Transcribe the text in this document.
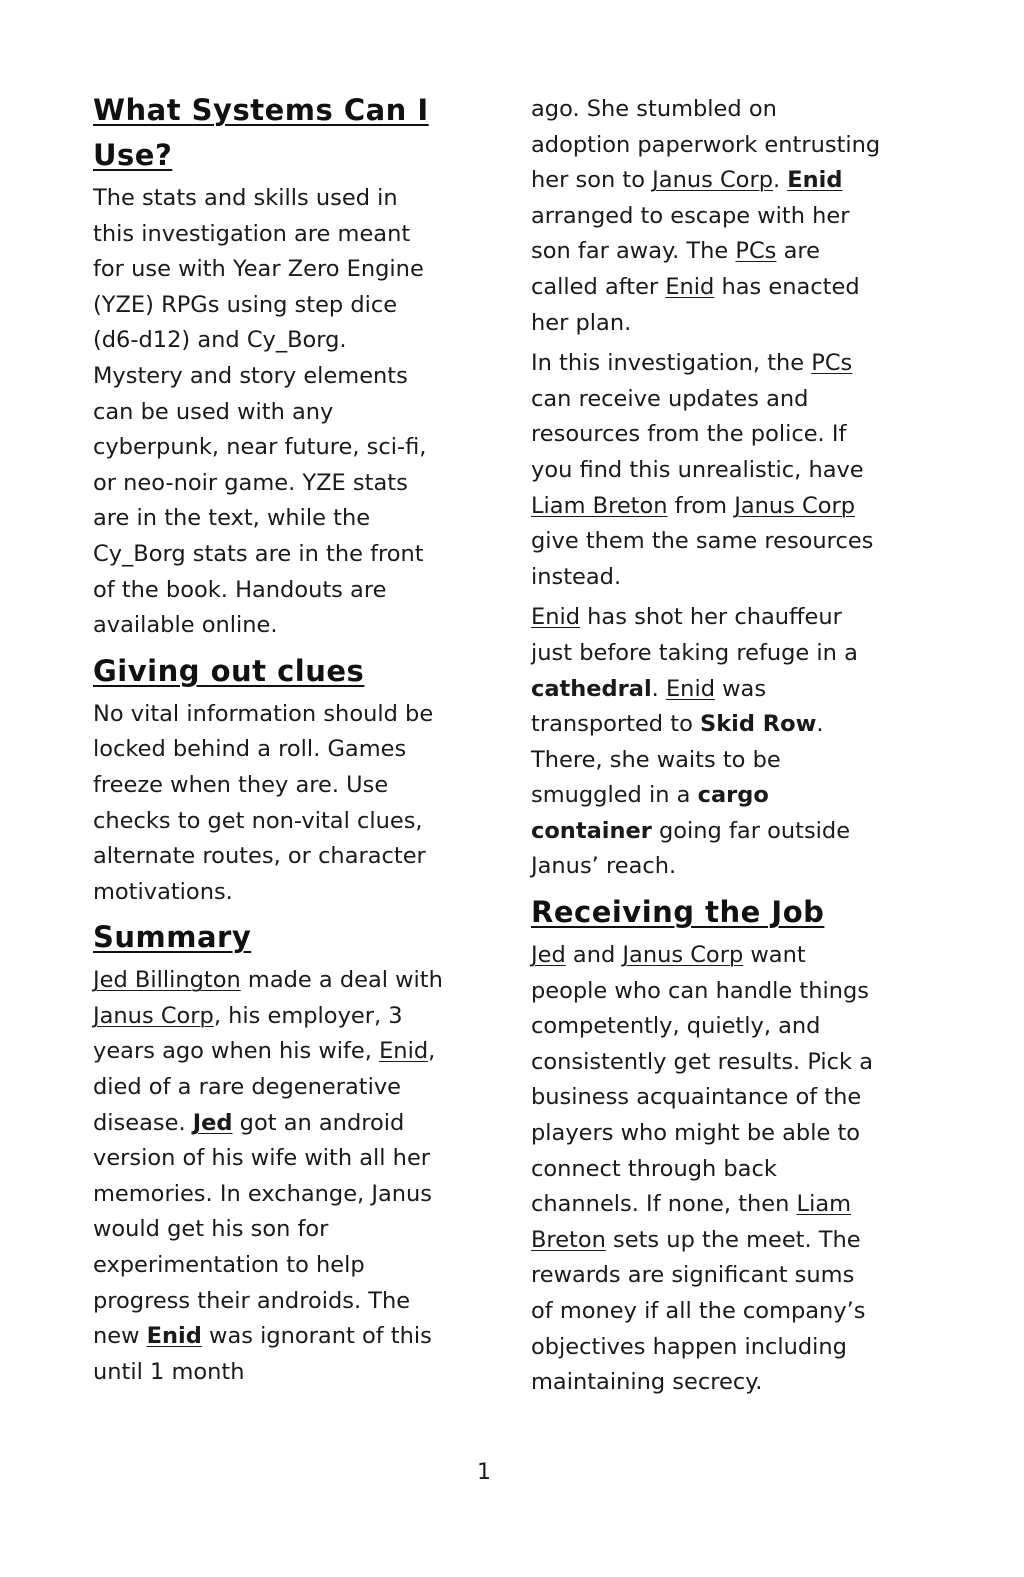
What Systems Can I Use?

The stats and skills used in this investigation are meant for use with Year Zero Engine (YZE) RPGs using step dice (d6-d12) and Cy_Borg. Mystery and story elements can be used with any cyberpunk, near future, sci-fi, or neo-noir game. YZE stats are in the text, while the Cy_Borg stats are in the front of the book. Handouts are available online.

Giving out clues

No vital information should be locked behind a roll. Games freeze when they are. Use checks to get non-vital clues, alternate routes, or character motivations.

Summary

Jed Billington made a deal with Janus Corp, his employer, 3 years ago when his wife, Enid, died of a rare degenerative disease. Jed got an android version of his wife with all her memories. In exchange, Janus would get his son for experimentation to help progress their androids. The new Enid was ignorant of this until 1 month

ago. She stumbled on adoption paperwork entrusting her son to Janus Corp. Enid arranged to escape with her son far away. The PCs are called after Enid has enacted her plan.

In this investigation, the PCs can receive updates and resources from the police. If you find this unrealistic, have Liam Breton from Janus Corp give them the same resources instead.

Enid has shot her chauffeur just before taking refuge in a cathedral. Enid was transported to Skid Row. There, she waits to be smuggled in a cargo container going far outside Janus’ reach.

Receiving the Job

Jed and Janus Corp want people who can handle things competently, quietly, and consistently get results. Pick a business acquaintance of the players who might be able to connect through back channels. If none, then Liam Breton sets up the meet. The rewards are significant sums of money if all the company’s objectives happen including maintaining secrecy.

1
